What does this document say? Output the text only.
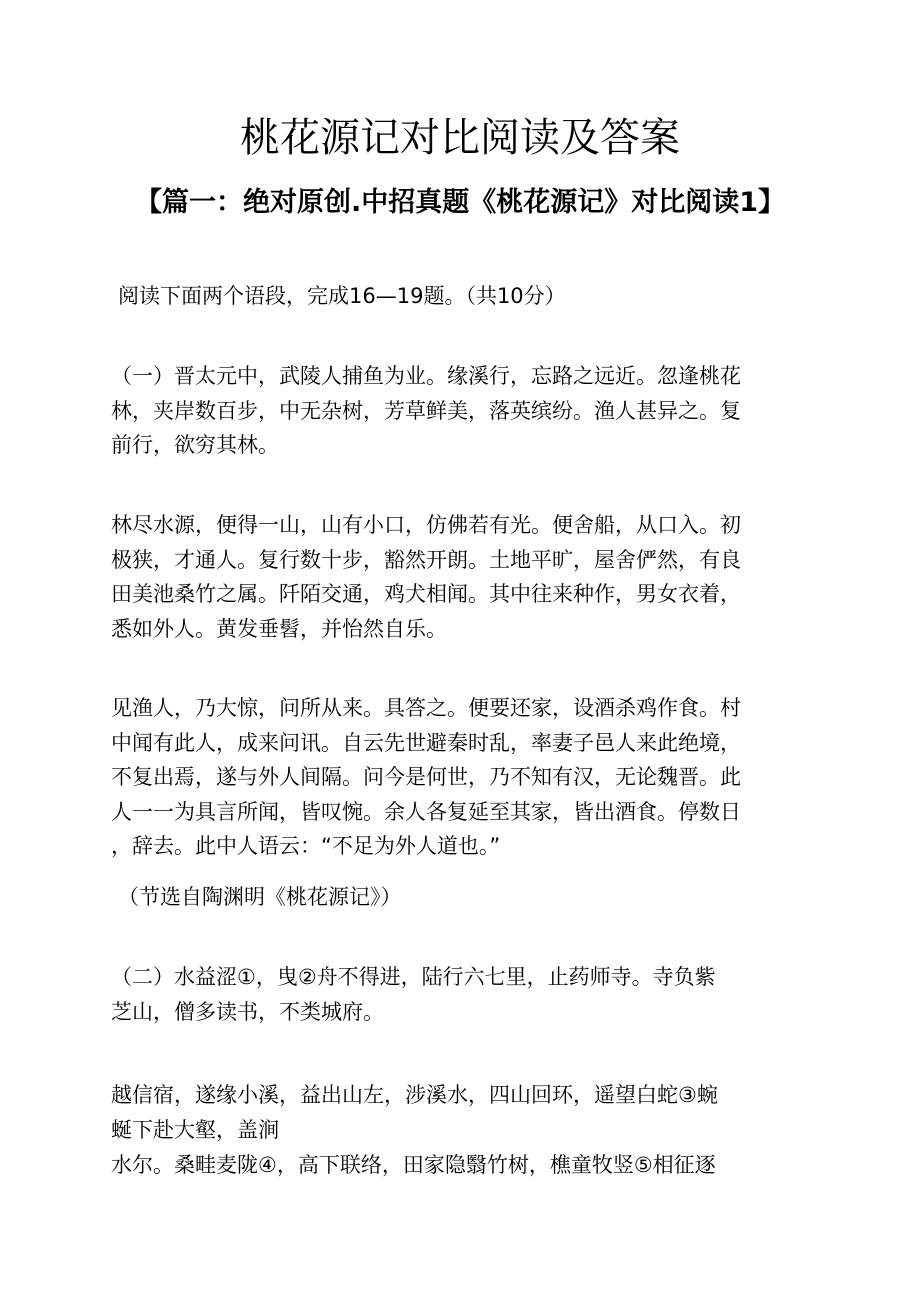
桃花源记对比阅读及答案
【篇一：绝对原创.中招真题《桃花源记》对比阅读1】

阅读下面两个语段，完成16—19题。（共10分）

（一）晋太元中，武陵人捕鱼为业。缘溪行，忘路之远近。忽逢桃花
林，夹岸数百步，中无杂树，芳草鲜美，落英缤纷。渔人甚异之。复
前行，欲穷其林。

林尽水源，便得一山，山有小口，仿佛若有光。便舍船，从口入。初
极狭，才通人。复行数十步，豁然开朗。土地平旷，屋舍俨然，有良
田美池桑竹之属。阡陌交通，鸡犬相闻。其中往来种作，男女衣着，
悉如外人。黄发垂髫，并怡然自乐。

见渔人，乃大惊，问所从来。具答之。便要还家，设酒杀鸡作食。村
中闻有此人，成来问讯。自云先世避秦时乱，率妻子邑人来此绝境，
不复出焉，遂与外人间隔。问今是何世，乃不知有汉，无论魏晋。此
人一一为具言所闻，皆叹惋。余人各复延至其家，皆出酒食。停数日
，辞去。此中人语云：“不足为外人道也。”

（节选自陶渊明《桃花源记》）

（二）水益涩①，曳②舟不得进，陆行六七里，止药师寺。寺负紫
芝山，僧多读书，不类城府。

越信宿，遂缘小溪，益出山左，涉溪水，四山回环，遥望白蛇③蜿
蜒下赴大壑，盖涧

水尔。桑畦麦陇④，高下联络，田家隐翳竹树，樵童牧竖⑤相征逐
